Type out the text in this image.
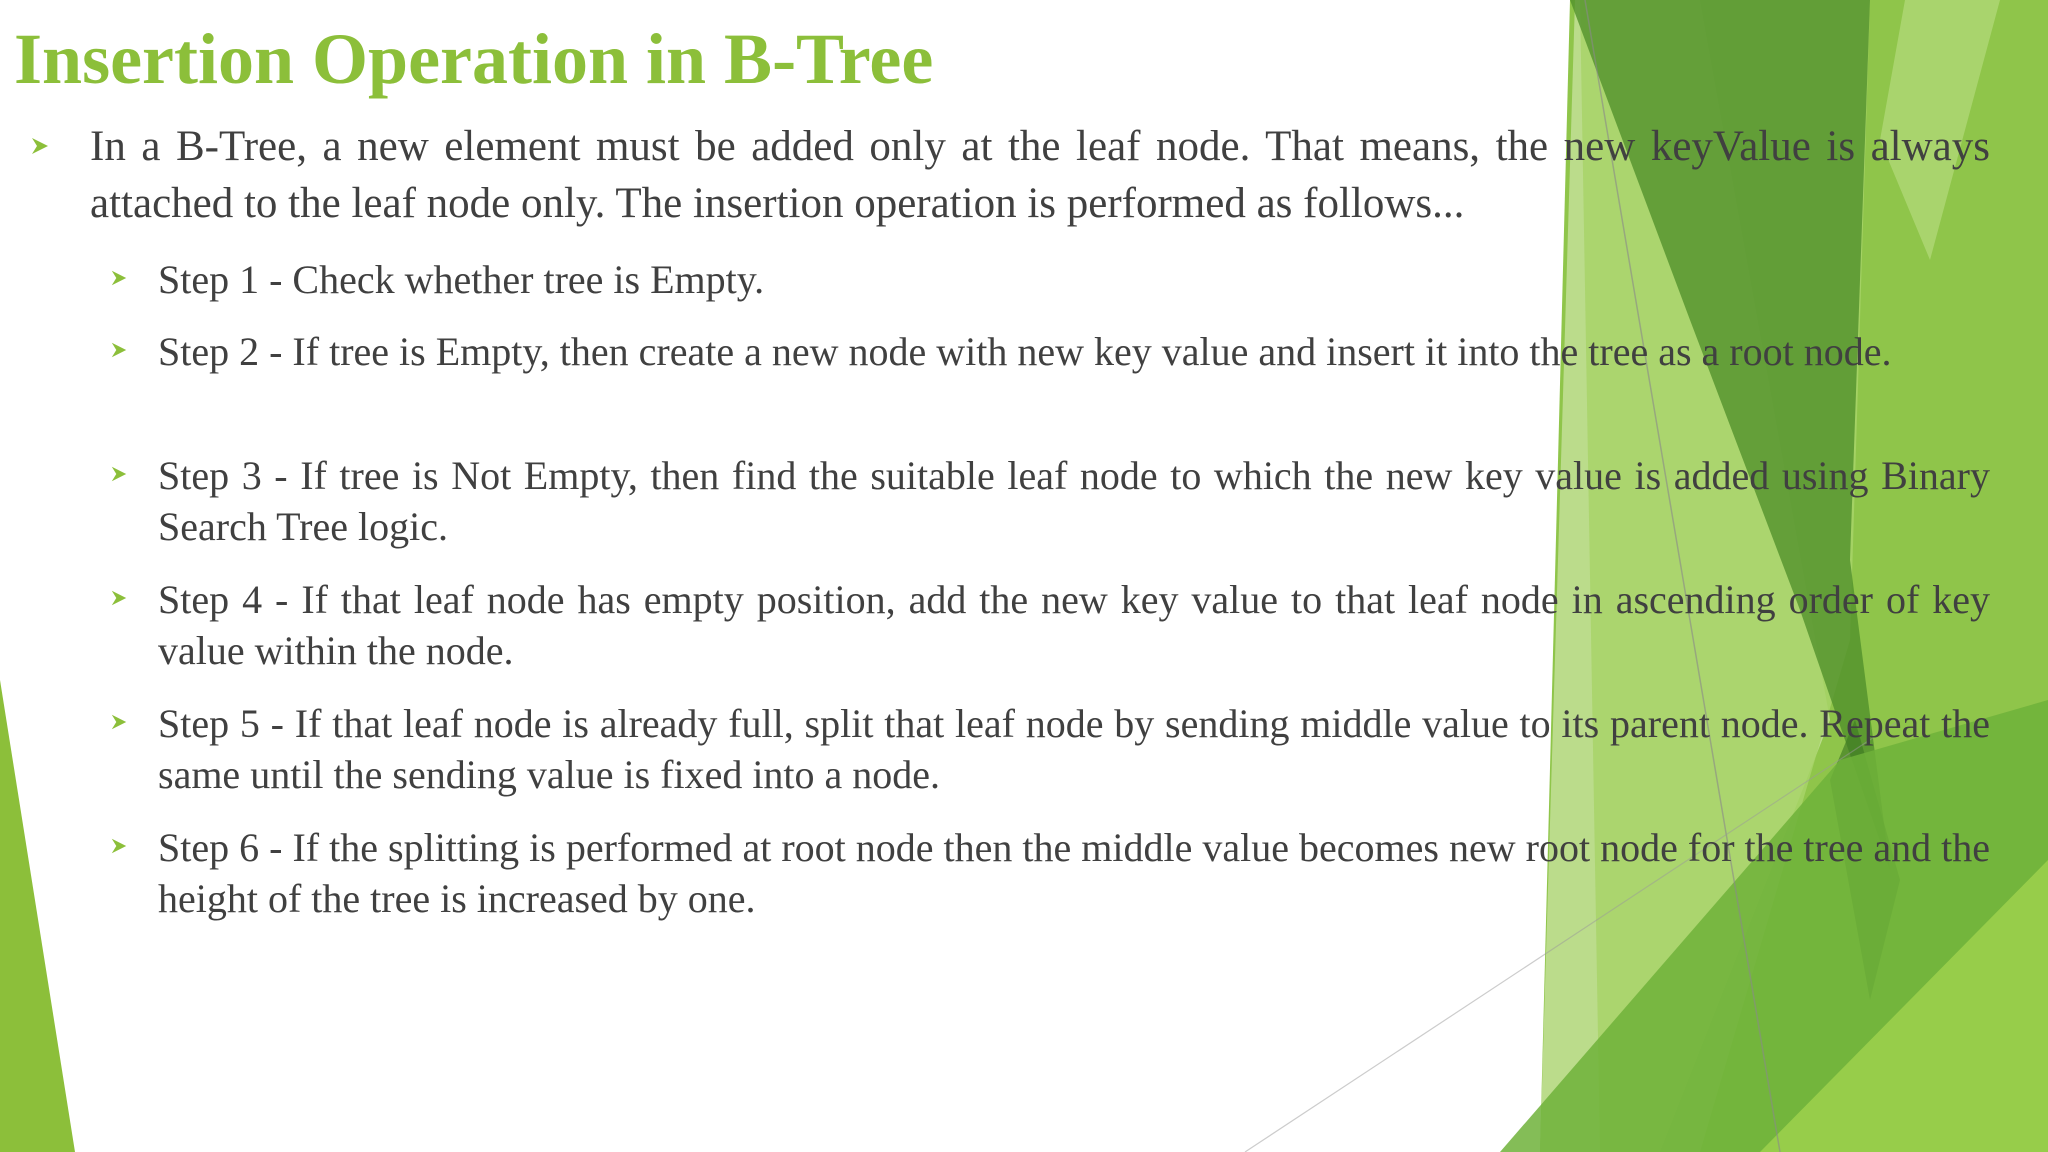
Insertion Operation in B-Tree
In a B-Tree, a new element must be added only at the leaf node. That means, the new keyValue is always attached to the leaf node only. The insertion operation is performed as follows...
Step 1 - Check whether tree is Empty.
Step 2 - If tree is Empty, then create a new node with new key value and insert it into the tree as a root node.
Step 3 - If tree is Not Empty, then find the suitable leaf node to which the new key value is added using Binary Search Tree logic.
Step 4 - If that leaf node has empty position, add the new key value to that leaf node in ascending order of key value within the node.
Step 5 - If that leaf node is already full, split that leaf node by sending middle value to its parent node. Repeat the same until the sending value is fixed into a node.
Step 6 - If the splitting is performed at root node then the middle value becomes new root node for the tree and the height of the tree is increased by one.
